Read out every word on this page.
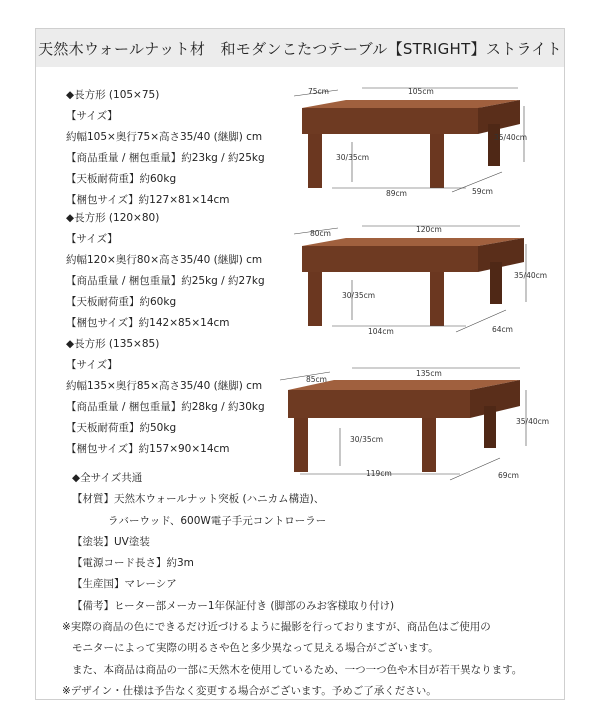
天然木ウォールナット材　和モダンこたつテーブル【STRIGHT】ストライト
◆長方形 (105×75)
【サイズ】
約幅105×奥行75×高さ35/40 (継脚) cm
【商品重量 / 梱包重量】約23kg / 約25kg
【天板耐荷重】約60kg
【梱包サイズ】約127×81×14cm
◆長方形 (120×80)
【サイズ】
約幅120×奥行80×高さ35/40 (継脚) cm
【商品重量 / 梱包重量】約25kg / 約27kg
【天板耐荷重】約60kg
【梱包サイズ】約142×85×14cm
◆長方形 (135×85)
【サイズ】
約幅135×奥行85×高さ35/40 (継脚) cm
【商品重量 / 梱包重量】約28kg / 約30kg
【天板耐荷重】約50kg
【梱包サイズ】約157×90×14cm
◆全サイズ共通
【材質】天然木ウォールナット突板 (ハニカム構造)、
ラバーウッド、600W電子手元コントローラー
【塗装】UV塗装
【電源コード長さ】約3m
【生産国】マレーシア
【備考】ヒーター部メーカー1年保証付き (脚部のみお客様取り付け)
※実際の商品の色にできるだけ近づけるように撮影を行っておりますが、商品色はご使用の
モニターによって実際の明るさや色と多少異なって見える場合がございます。
また、本商品は商品の一部に天然木を使用しているため、一つ一つ色や木目が若干異なります。
※デザイン・仕様は予告なく変更する場合がございます。予めご了承ください。
75cm	105cm
35/40cm
30/35cm
89cm	59cm
80cm	120cm
35/40cm
30/35cm
104cm	64cm
85cm
135cm
35/40cm
30/35cm
119cm	69cm
